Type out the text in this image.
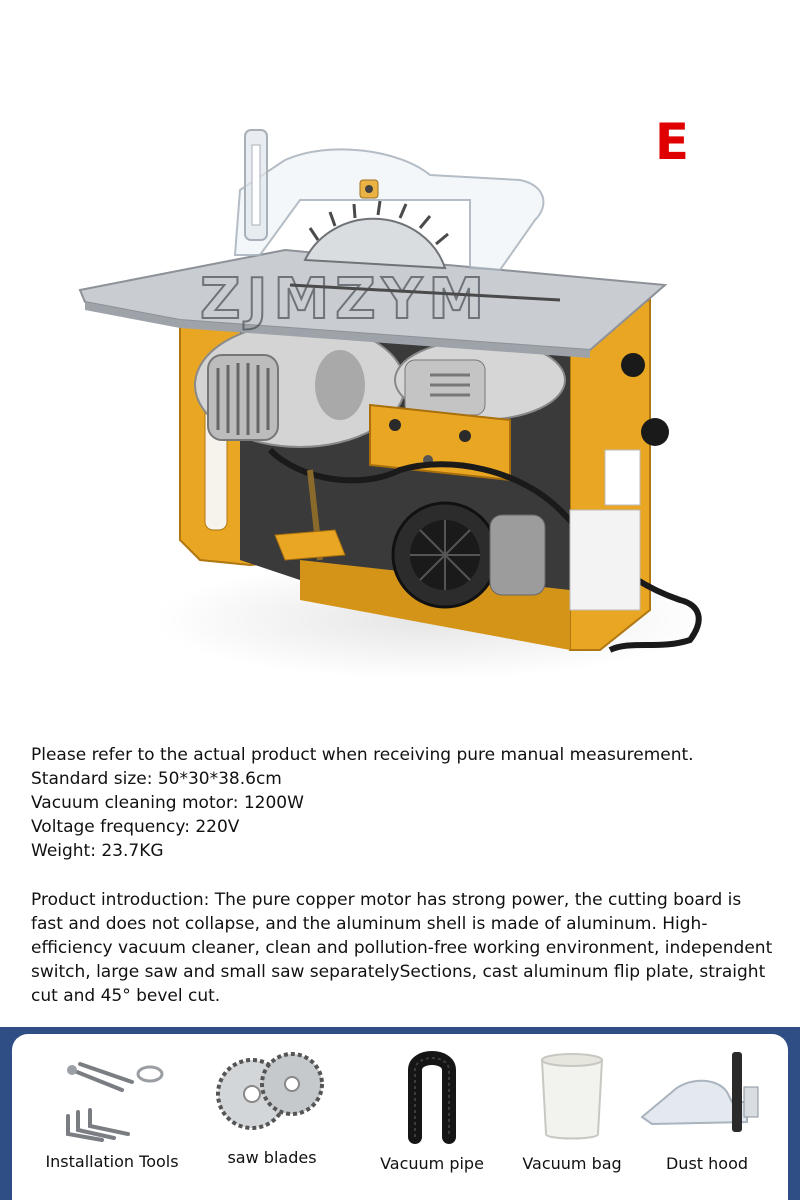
ZJMZYM
E
Please refer to the actual product when receiving pure manual measurement.
Standard size: 50*30*38.6cm
Vacuum cleaning motor: 1200W
Voltage frequency: 220V
Weight: 23.7KG
Product introduction: The pure copper motor has strong power, the cutting board is fast and does not collapse, and the aluminum shell is made of aluminum. High-efficiency vacuum cleaner, clean and pollution-free working environment, independent switch, large saw and small saw separatelySections, cast aluminum flip plate, straight cut and 45° bevel cut.
Installation Tools	saw blades	Vacuum pipe	Vacuum bag	Dust hood
